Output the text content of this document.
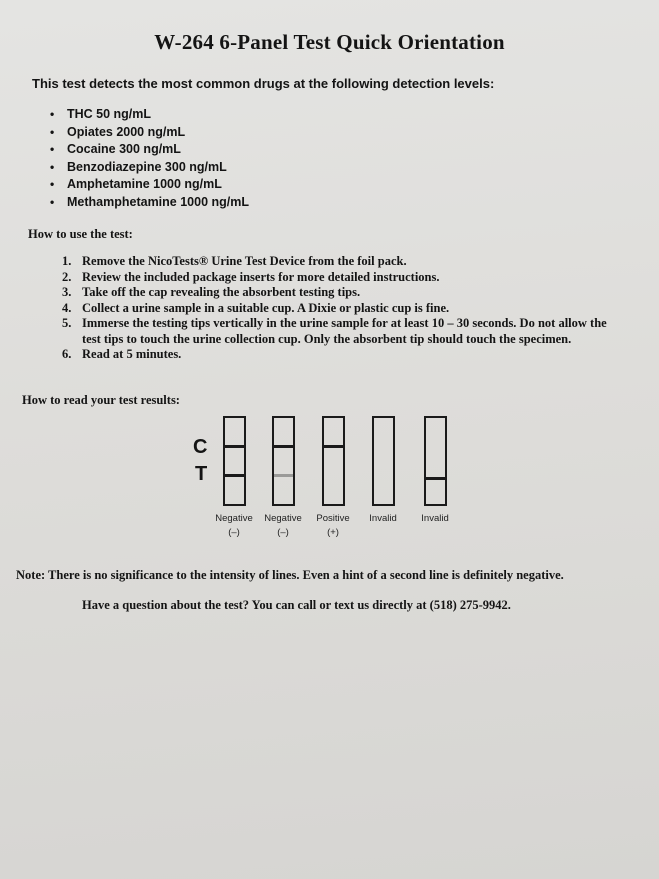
W-264 6-Panel Test Quick Orientation

This test detects the most common drugs at the following detection levels:

• THC 50 ng/mL
• Opiates 2000 ng/mL
• Cocaine 300 ng/mL
• Benzodiazepine 300 ng/mL
• Amphetamine 1000 ng/mL
• Methamphetamine 1000 ng/mL

How to use the test:

1. Remove the NicoTests® Urine Test Device from the foil pack.
2. Review the included package inserts for more detailed instructions.
3. Take off the cap revealing the absorbent testing tips.
4. Collect a urine sample in a suitable cup. A Dixie or plastic cup is fine.
5. Immerse the testing tips vertically in the urine sample for at least 10 – 30 seconds. Do not allow the test tips to touch the urine collection cup. Only the absorbent tip should touch the specimen.
6. Read at 5 minutes.

How to read your test results:

C
T
Negative
(–)
Negative
(–)
Positive
(+)
Invalid	Invalid

Note: There is no significance to the intensity of lines. Even a hint of a second line is definitely negative.

Have a question about the test? You can call or text us directly at (518) 275-9942.
